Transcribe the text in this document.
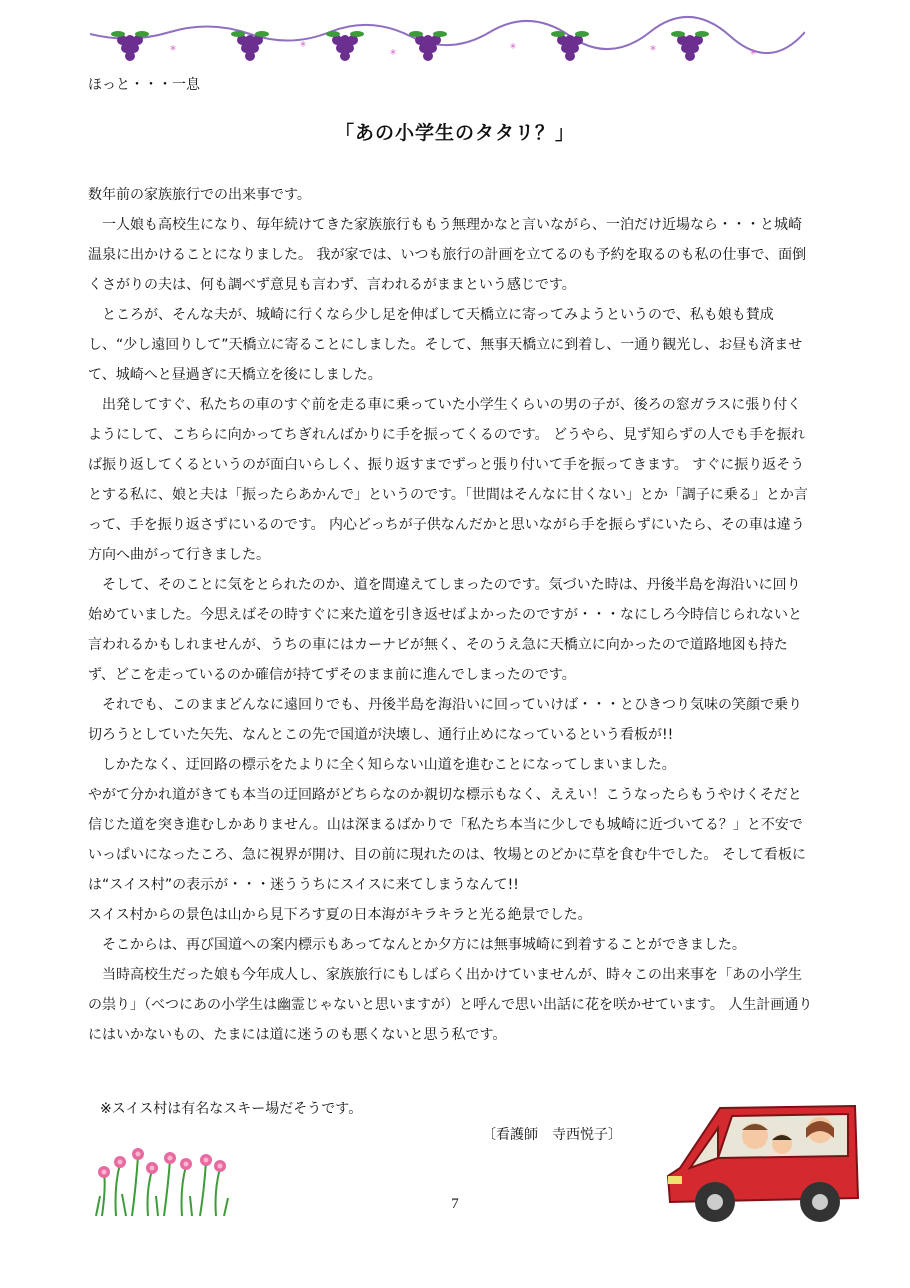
*	*
*	*	*	*
ほっと・・・一息
「あの小学生のタタリ？」

数年前の家族旅行での出来事です。

　一人娘も高校生になり、毎年続けてきた家族旅行ももう無理かなと言いながら、一泊だけ近場なら・・・と城崎温泉に出かけることになりました。 我が家では、いつも旅行の計画を立てるのも予約を取るのも私の仕事で、面倒くさがりの夫は、何も調べず意見も言わず、言われるがままという感じです。

　ところが、そんな夫が、城崎に行くなら少し足を伸ばして天橋立に寄ってみようというので、私も娘も賛成し、“少し遠回りして”天橋立に寄ることにしました。そして、無事天橋立に到着し、一通り観光し、お昼も済ませて、城崎へと昼過ぎに天橋立を後にしました。

　出発してすぐ、私たちの車のすぐ前を走る車に乗っていた小学生くらいの男の子が、後ろの窓ガラスに張り付くようにして、こちらに向かってちぎれんばかりに手を振ってくるのです。 どうやら、見ず知らずの人でも手を振れば振り返してくるというのが面白いらしく、振り返すまでずっと張り付いて手を振ってきます。 すぐに振り返そうとする私に、娘と夫は「振ったらあかんで」というのです。「世間はそんなに甘くない」とか「調子に乗る」とか言って、手を振り返さずにいるのです。 内心どっちが子供なんだかと思いながら手を振らずにいたら、その車は違う方向へ曲がって行きました。

　そして、そのことに気をとられたのか、道を間違えてしまったのです。気づいた時は、丹後半島を海沿いに回り始めていました。今思えばその時すぐに来た道を引き返せばよかったのですが・・・なにしろ今時信じられないと言われるかもしれませんが、うちの車にはカーナビが無く、そのうえ急に天橋立に向かったので道路地図も持たず、どこを走っているのか確信が持てずそのまま前に進んでしまったのです。

　それでも、このままどんなに遠回りでも、丹後半島を海沿いに回っていけば・・・とひきつり気味の笑顔で乗り切ろうとしていた矢先、なんとこの先で国道が決壊し、通行止めになっているという看板が!!

　しかたなく、迂回路の標示をたよりに全く知らない山道を進むことになってしまいました。

やがて分かれ道がきても本当の迂回路がどちらなのか親切な標示もなく、ええい！こうなったらもうやけくそだと信じた道を突き進むしかありません。山は深まるばかりで「私たち本当に少しでも城崎に近づいてる？」と不安でいっぱいになったころ、急に視界が開け、目の前に現れたのは、牧場とのどかに草を食む牛でした。 そして看板には“スイス村”の表示が・・・迷ううちにスイスに来てしまうなんて!!

スイス村からの景色は山から見下ろす夏の日本海がキラキラと光る絶景でした。

　そこからは、再び国道への案内標示もあってなんとか夕方には無事城崎に到着することができました。

　当時高校生だった娘も今年成人し、家族旅行にもしばらく出かけていませんが、時々この出来事を「あの小学生の祟り」（べつにあの小学生は幽霊じゃないと思いますが）と呼んで思い出話に花を咲かせています。 人生計画通りにはいかないもの、たまには道に迷うのも悪くないと思う私です。

※スイス村は有名なスキー場だそうです。
〔看護師　寺西悦子〕
7
